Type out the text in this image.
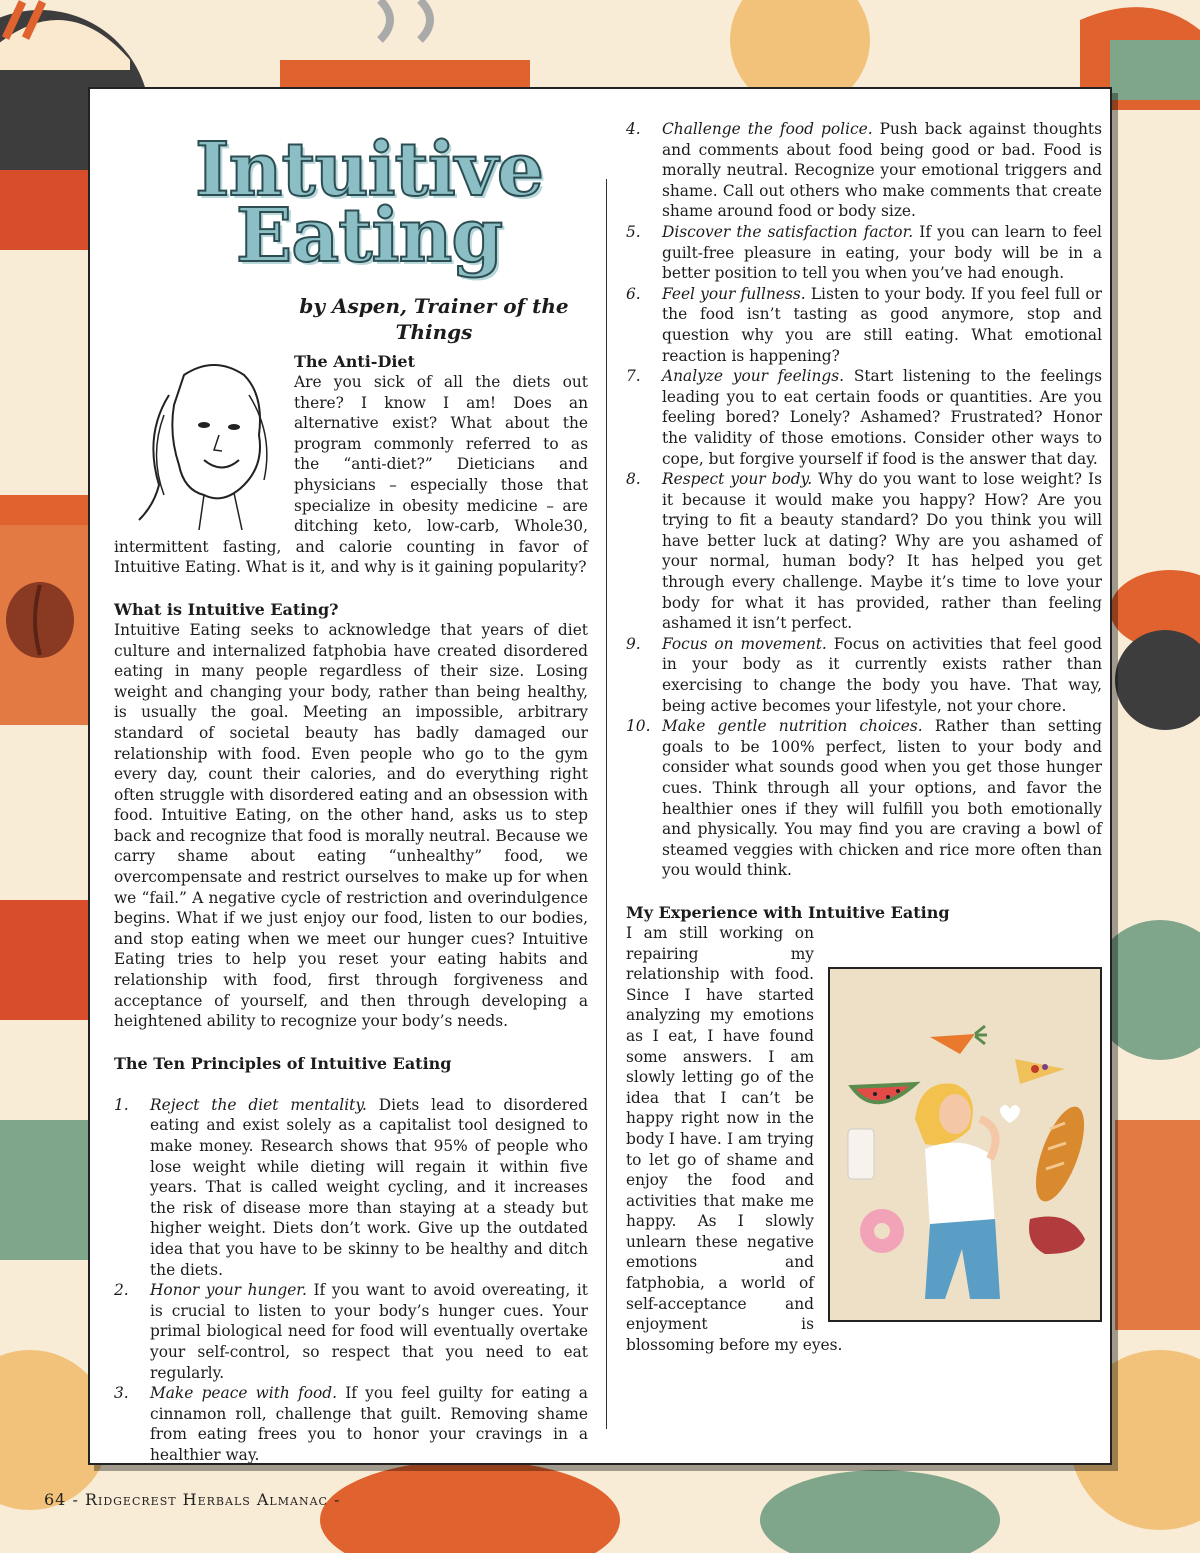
Intuitive
Eating
by Aspen, Trainer of the Things
The Anti-Diet

Are you sick of all the diets out there? I know I am! Does an alternative exist? What about the program commonly referred to as the “anti-diet?” Dieticians and physicians – especially those that specialize in obesity medicine – are ditching keto, low-carb, Whole30, intermittent fasting, and calorie counting in favor of Intuitive Eating. What is it, and why is it gaining popularity?

What is Intuitive Eating?

Intuitive Eating seeks to acknowledge that years of diet culture and internalized fatphobia have created disordered eating in many people regardless of their size. Losing weight and changing your body, rather than being healthy, is usually the goal. Meeting an impossible, arbitrary standard of societal beauty has badly damaged our relationship with food. Even people who go to the gym every day, count their calories, and do everything right often struggle with disordered eating and an obsession with food. Intuitive Eating, on the other hand, asks us to step back and recognize that food is morally neutral. Because we carry shame about eating “unhealthy” food, we overcompensate and restrict ourselves to make up for when we “fail.” A negative cycle of restriction and overindulgence begins. What if we just enjoy our food, listen to our bodies, and stop eating when we meet our hunger cues? Intuitive Eating tries to help you reset your eating habits and relationship with food, first through forgiveness and acceptance of yourself, and then through developing a heightened ability to recognize your body’s needs.

The Ten Principles of Intuitive Eating
1. Reject the diet mentality. Diets lead to disordered eating and exist solely as a capitalist tool designed to make money. Research shows that 95% of people who lose weight while dieting will regain it within five years. That is called weight cycling, and it increases the risk of disease more than staying at a steady but higher weight. Diets don’t work. Give up the outdated idea that you have to be skinny to be healthy and ditch the diets.
2. Honor your hunger. If you want to avoid overeating, it is crucial to listen to your body’s hunger cues. Your primal biological need for food will eventually overtake your self-control, so respect that you need to eat regularly.
3. Make peace with food. If you feel guilty for eating a cinnamon roll, challenge that guilt. Removing shame from eating frees you to honor your cravings in a healthier way.
4. Challenge the food police. Push back against thoughts and comments about food being good or bad. Food is morally neutral. Recognize your emotional triggers and shame. Call out others who make comments that create shame around food or body size.
5. Discover the satisfaction factor. If you can learn to feel guilt-free pleasure in eating, your body will be in a better position to tell you when you’ve had enough.
6. Feel your fullness. Listen to your body. If you feel full or the food isn’t tasting as good anymore, stop and question why you are still eating. What emotional reaction is happening?
7. Analyze your feelings. Start listening to the feelings leading you to eat certain foods or quantities. Are you feeling bored? Lonely? Ashamed? Frustrated? Honor the validity of those emotions. Consider other ways to cope, but forgive yourself if food is the answer that day.
8. Respect your body. Why do you want to lose weight? Is it because it would make you happy? How? Are you trying to fit a beauty standard? Do you think you will have better luck at dating? Why are you ashamed of your normal, human body? It has helped you get through every challenge. Maybe it’s time to love your body for what it has provided, rather than feeling ashamed it isn’t perfect.
9. Focus on movement. Focus on activities that feel good in your body as it currently exists rather than exercising to change the body you have. That way, being active becomes your lifestyle, not your chore.
10. Make gentle nutrition choices. Rather than setting goals to be 100% perfect, listen to your body and consider what sounds good when you get those hunger cues. Think through all your options, and favor the healthier ones if they will fulfill you both emotionally and physically. You may find you are craving a bowl of steamed veggies with chicken and rice more often than you would think.
My Experience with Intuitive Eating

I am still working on repairing my relationship with food. Since I have started analyzing my emotions as I eat, I have found some answers. I am slowly letting go of the idea that I can’t be happy right now in the body I have. I am trying to let go of shame and enjoy the food and activities that make me happy. As I slowly unlearn these negative emotions and fatphobia, a world of self-acceptance and enjoyment is blossoming before my eyes.

64 - Ridgecrest Herbals Almanac -
